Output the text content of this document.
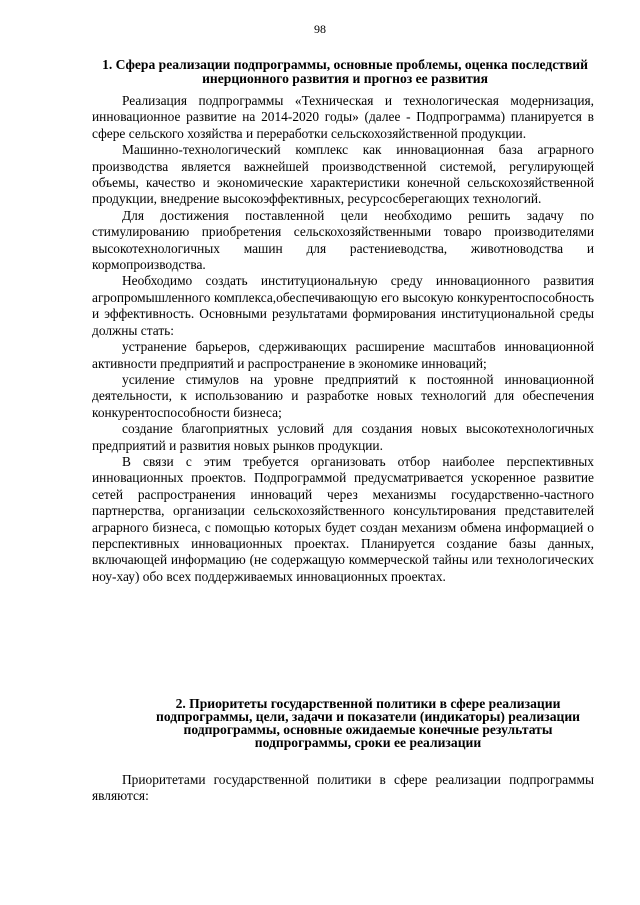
98
1. Сфера реализации подпрограммы, основные проблемы, оценка последствий инерционного развития и прогноз ее развития

Реализация подпрограммы «Техническая и технологическая модернизация, инновационное развитие на 2014-2020 годы» (далее - Подпрограмма) планируется в сфере сельского хозяйства и переработки сельскохозяйственной продукции.

Машинно-технологический комплекс как инновационная база аграрного производства является важнейшей производственной системой, регулирующей объемы, качество и экономические характеристики конечной сельскохозяйственной продукции, внедрение высокоэффективных, ресурсосберегающих технологий.

Для достижения поставленной цели необходимо решить задачу по стимулированию приобретения сельскохозяйственными товаро производителями высокотехнологичных машин для растениеводства, животноводства и кормопроизводства.

Необходимо создать институциональную среду инновационного развития агропромышленного комплекса,обеспечивающую его высокую конкурентоспособность и эффективность. Основными результатами формирования институциональной среды должны стать:

устранение барьеров, сдерживающих расширение масштабов инновационной активности предприятий и распространение в экономике инноваций;

усиление стимулов на уровне предприятий к постоянной инновационной деятельности, к использованию и разработке новых технологий для обеспечения конкурентоспособности бизнеса;

создание благоприятных условий для создания новых высокотехнологичных предприятий и развития новых рынков продукции.

В связи с этим требуется организовать отбор наиболее перспективных инновационных проектов. Подпрограммой предусматривается ускоренное развитие сетей распространения инноваций через механизмы государственно-частного партнерства, организации сельскохозяйственного консультирования представителей аграрного бизнеса, с помощью которых будет создан механизм обмена информацией о перспективных инновационных проектах. Планируется создание базы данных, включающей информацию (не содержащую коммерческой тайны или технологических ноу-хау) обо всех поддерживаемых инновационных проектах.

2. Приоритеты государственной политики в сфере реализации подпрограммы, цели, задачи и показатели (индикаторы) реализации подпрограммы, основные ожидаемые конечные результаты подпрограммы, сроки ее реализации

Приоритетами государственной политики в сфере реализации подпрограммы являются:
